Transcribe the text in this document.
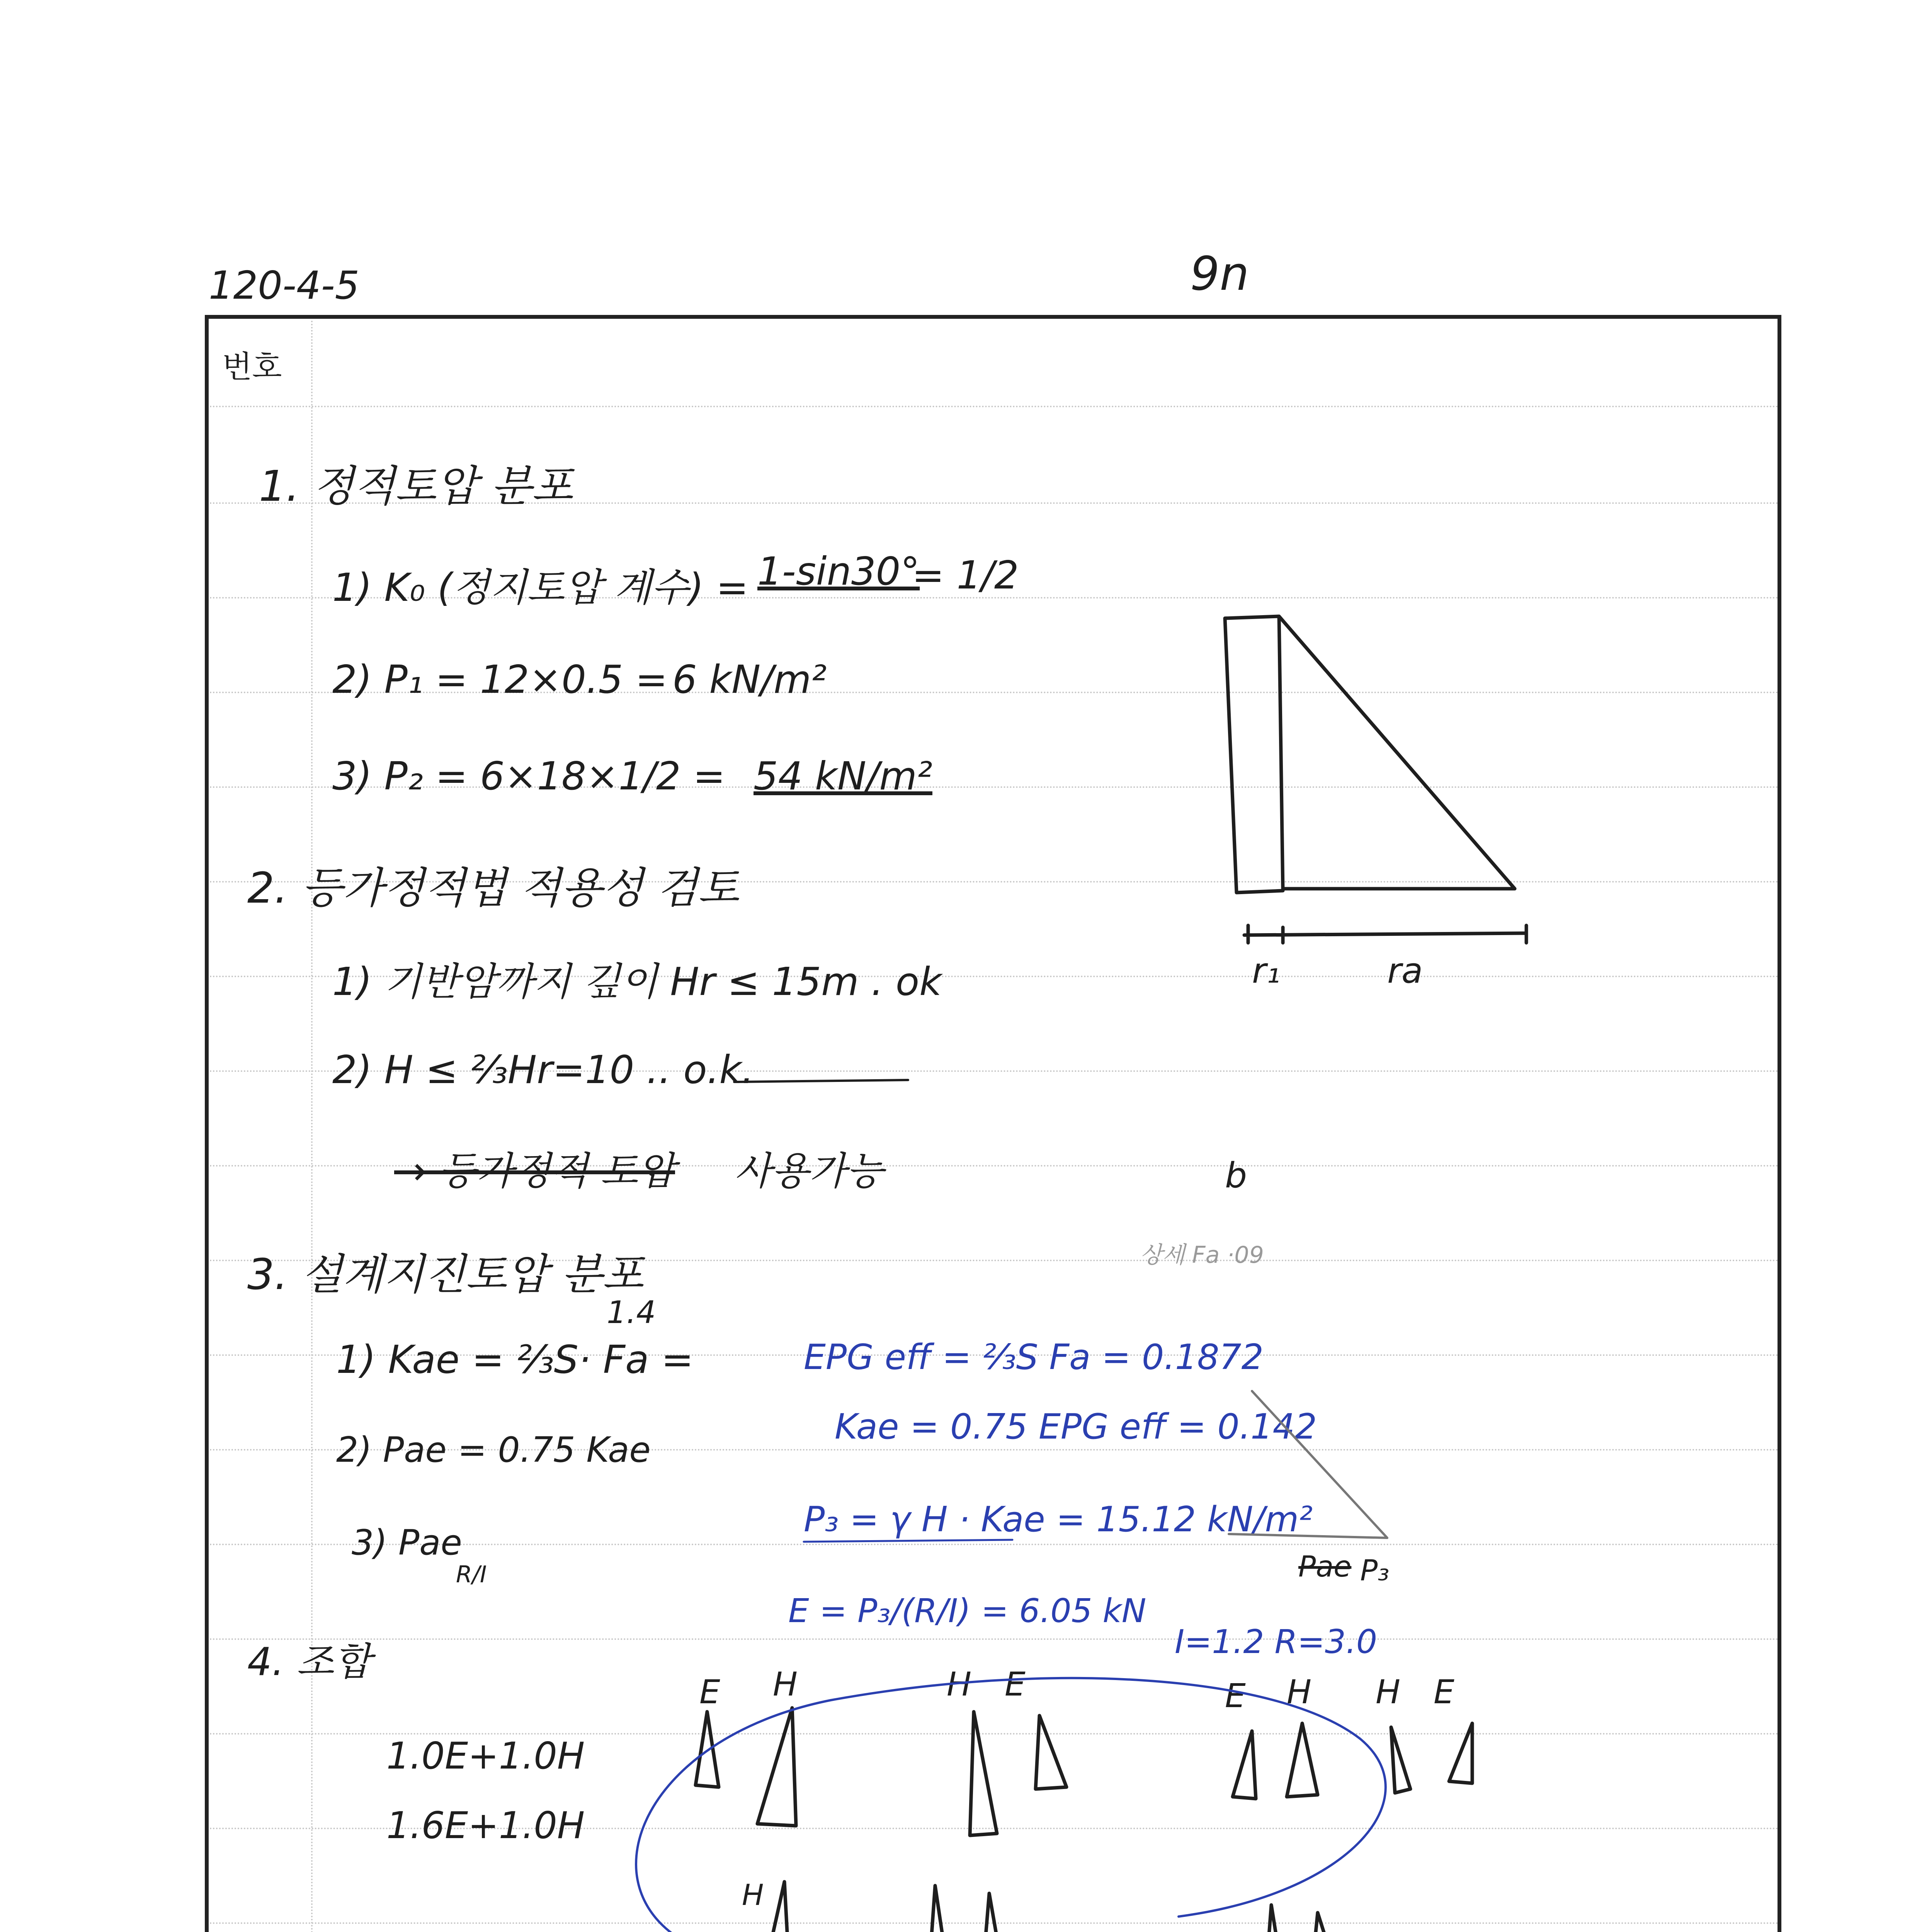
120-4-5	9n
번호
1. 정적토압 분포
1) K₀ (정지토압 계수) = 1-sin30°
= 1/2
2) P₁ = 12×0.5 = 6 kN/m²
3) P₂ = 6×18×1/2 = 54 kN/m²
2. 등가정적법 적용성 검토
1) 기반암까지 깊이 Hr ≤ 15m . ok
2) H ≤ ⅔Hr=10 .. o.k.
→ 등가정적 토압 사용가능
3. 설계지진토압 분포
1.4
1) Kae = ⅔S· Fa =
2) Pae = 0.75 Kae
3) Pae
R/I
4. 조합
1.0E+1.0H
1.6E+1.0H
EPG eff = ⅔S Fa = 0.1872
Kae = 0.75 EPG eff = 0.142
P₃ = γ H · Kae = 15.12 kN/m²
E = P₃/(R/I) = 6.05 kN
I=1.2 R=3.0
b
상세 Fa ·09
Pae P₃
r₁	ra
E H	H E	E H H E
H
